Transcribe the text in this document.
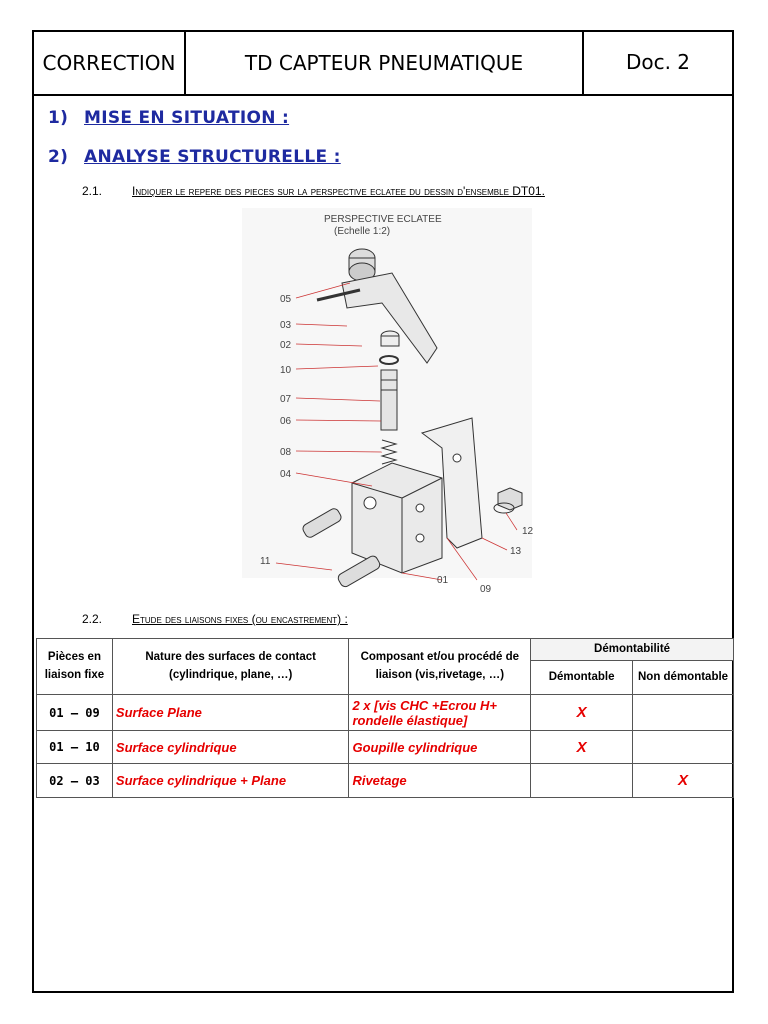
CORRECTION	TD CAPTEUR PNEUMATIQUE	Doc. 2
1) MISE EN SITUATION :
2) ANALYSE STRUCTURELLE :
2.1. Indiquer le repere des pieces sur la perspective eclatee du dessin d'ensemble DT01.
PERSPECTIVE ECLATEE
(Echelle 1:2)
05
03
02
10
07
06
08
04
11
01
09
12
13
2.2. Etude des liaisons fixes (ou encastrement) :
Pièces en liaison fixe	Nature des surfaces de contact (cylindrique, plane, …)	Composant et/ou procédé de liaison (vis,rivetage, …)	Démontabilité	
			Démontable	Non démontable
01 – 09	Surface Plane	2 x [vis CHC +Ecrou H+ rondelle élastique]	X	
01 – 10	Surface cylindrique	Goupille cylindrique	X	
02 – 03	Surface cylindrique + Plane	Rivetage		X
